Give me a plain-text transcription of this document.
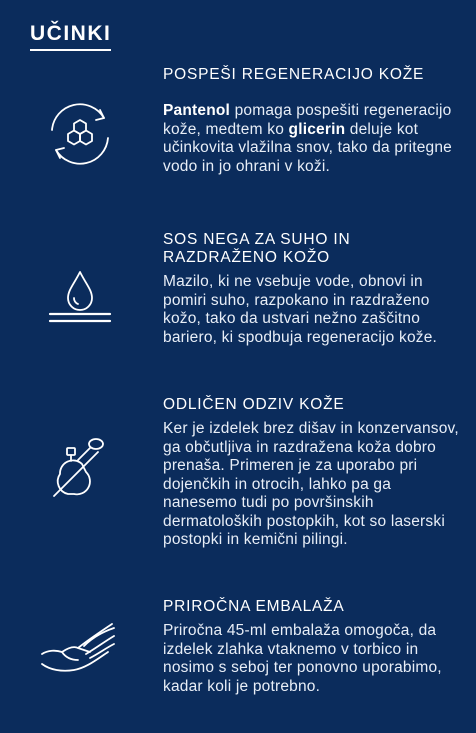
UČINKI
POSPEŠI REGENERACIJO KOŽE

Pantenol pomaga pospešiti regeneracijo kože, medtem ko glicerin deluje kot učinkovita vlažilna snov, tako da pritegne vodo in jo ohrani v koži.

SOS NEGA ZA SUHO IN RAZDRAŽENO KOŽO

Mazilo, ki ne vsebuje vode, obnovi in pomiri suho, razpokano in razdraženo kožo, tako da ustvari nežno zaščitno bariero, ki spodbuja regeneracijo kože.

ODLIČEN ODZIV KOŽE

Ker je izdelek brez dišav in konzervansov, ga občutljiva in razdražena koža dobro prenaša. Primeren je za uporabo pri dojenčkih in otrocih, lahko pa ga nanesemo tudi po površinskih dermatoloških postopkih, kot so laserski postopki in kemični pilingi.

PRIROČNA EMBALAŽA

Priročna 45-ml embalaža omogoča, da izdelek zlahka vtaknemo v torbico in nosimo s seboj ter ponovno uporabimo, kadar koli je potrebno.
